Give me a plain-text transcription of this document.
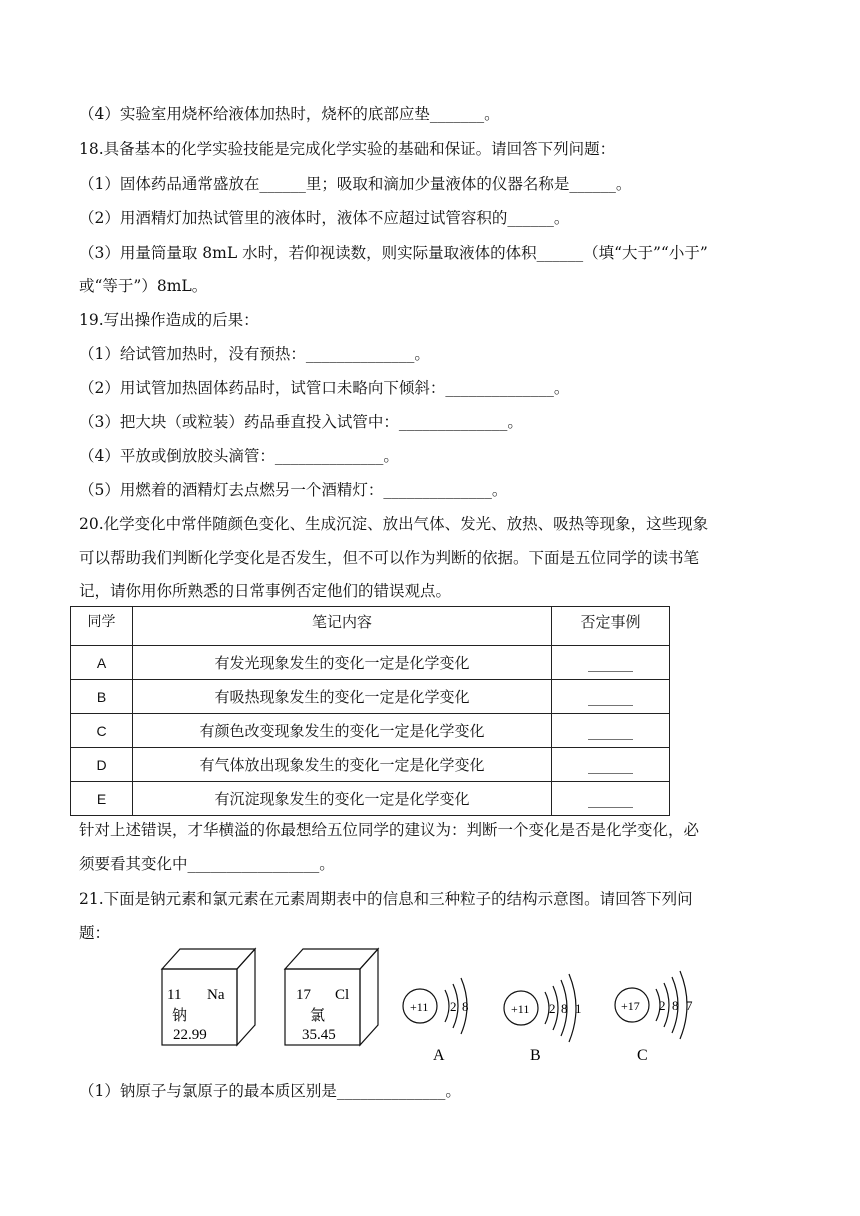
（4）实验室用烧杯给液体加热时，烧杯的底部应垫_______。
18.具备基本的化学实验技能是完成化学实验的基础和保证。请回答下列问题：
（1）固体药品通常盛放在______里；吸取和滴加少量液体的仪器名称是______。
（2）用酒精灯加热试管里的液体时，液体不应超过试管容积的______。
（3）用量筒量取 8mL 水时，若仰视读数，则实际量取液体的体积______（填“大于”“小于”
或“等于”）8mL。
19.写出操作造成的后果：
（1）给试管加热时，没有预热：______________。
（2）用试管加热固体药品时，试管口未略向下倾斜：______________。
（3）把大块（或粒装）药品垂直投入试管中：______________。
（4）平放或倒放胶头滴管：______________。
（5）用燃着的酒精灯去点燃另一个酒精灯：______________。
20.化学变化中常伴随颜色变化、生成沉淀、放出气体、发光、放热、吸热等现象，这些现象
可以帮助我们判断化学变化是否发生，但不可以作为判断的依据。下面是五位同学的读书笔
记，请你用你所熟悉的日常事例否定他们的错误观点。
同学	笔记内容	否定事例
A	有发光现象发生的变化一定是化学变化	______
B	有吸热现象发生的变化一定是化学变化	______
C	有颜色改变现象发生的变化一定是化学变化	______
D	有气体放出现象发生的变化一定是化学变化	______
E	有沉淀现象发生的变化一定是化学变化	______
针对上述错误，才华横溢的你最想给五位同学的建议为：判断一个变化是否是化学变化，必
须要看其变化中_________________。
21.下面是钠元素和氯元素在元素周期表中的信息和三种粒子的结构示意图。请回答下列问
题：
11 Na
钠
22.99
17 Cl
氯
35.45
+11 2 8
A
+11 2 8 1
B
+17 2 8 7
C
（1）钠原子与氯原子的最本质区别是______________。
